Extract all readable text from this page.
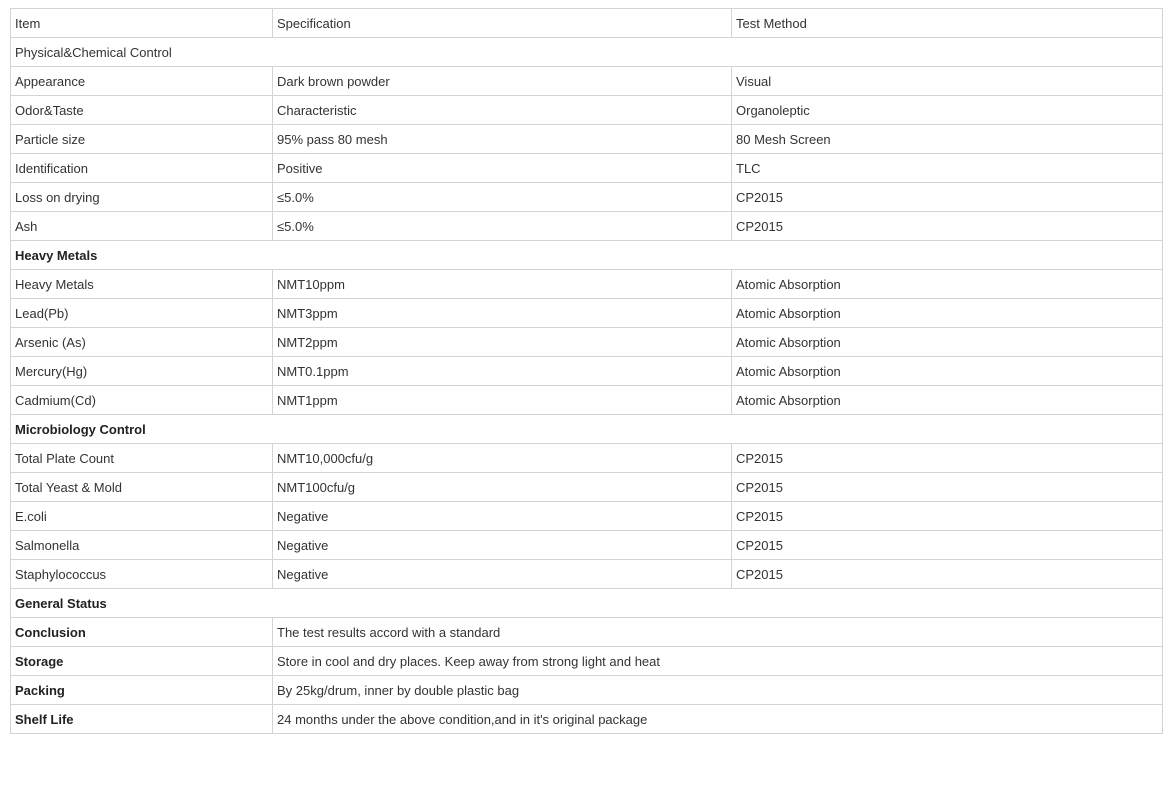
Item	Specification	Test Method
Physical&Chemical Control		
Appearance	Dark brown powder	Visual
Odor&Taste	Characteristic	Organoleptic
Particle size	95% pass 80 mesh	80 Mesh Screen
Identification	Positive	TLC
Loss on drying	≤5.0%	CP2015
Ash	≤5.0%	CP2015
Heavy Metals		
Heavy Metals	NMT10ppm	Atomic Absorption
Lead(Pb)	NMT3ppm	Atomic Absorption
Arsenic (As)	NMT2ppm	Atomic Absorption
Mercury(Hg)	NMT0.1ppm	Atomic Absorption
Cadmium(Cd)	NMT1ppm	Atomic Absorption
Microbiology Control		
Total Plate Count	NMT10,000cfu/g	CP2015
Total Yeast & Mold	NMT100cfu/g	CP2015
E.coli	Negative	CP2015
Salmonella	Negative	CP2015
Staphylococcus	Negative	CP2015
General Status		
Conclusion	The test results accord with a standard	
Storage	Store in cool and dry places. Keep away from strong light and heat	
Packing	By 25kg/drum, inner by double plastic bag	
Shelf Life	24 months under the above condition,and in it's original package	
